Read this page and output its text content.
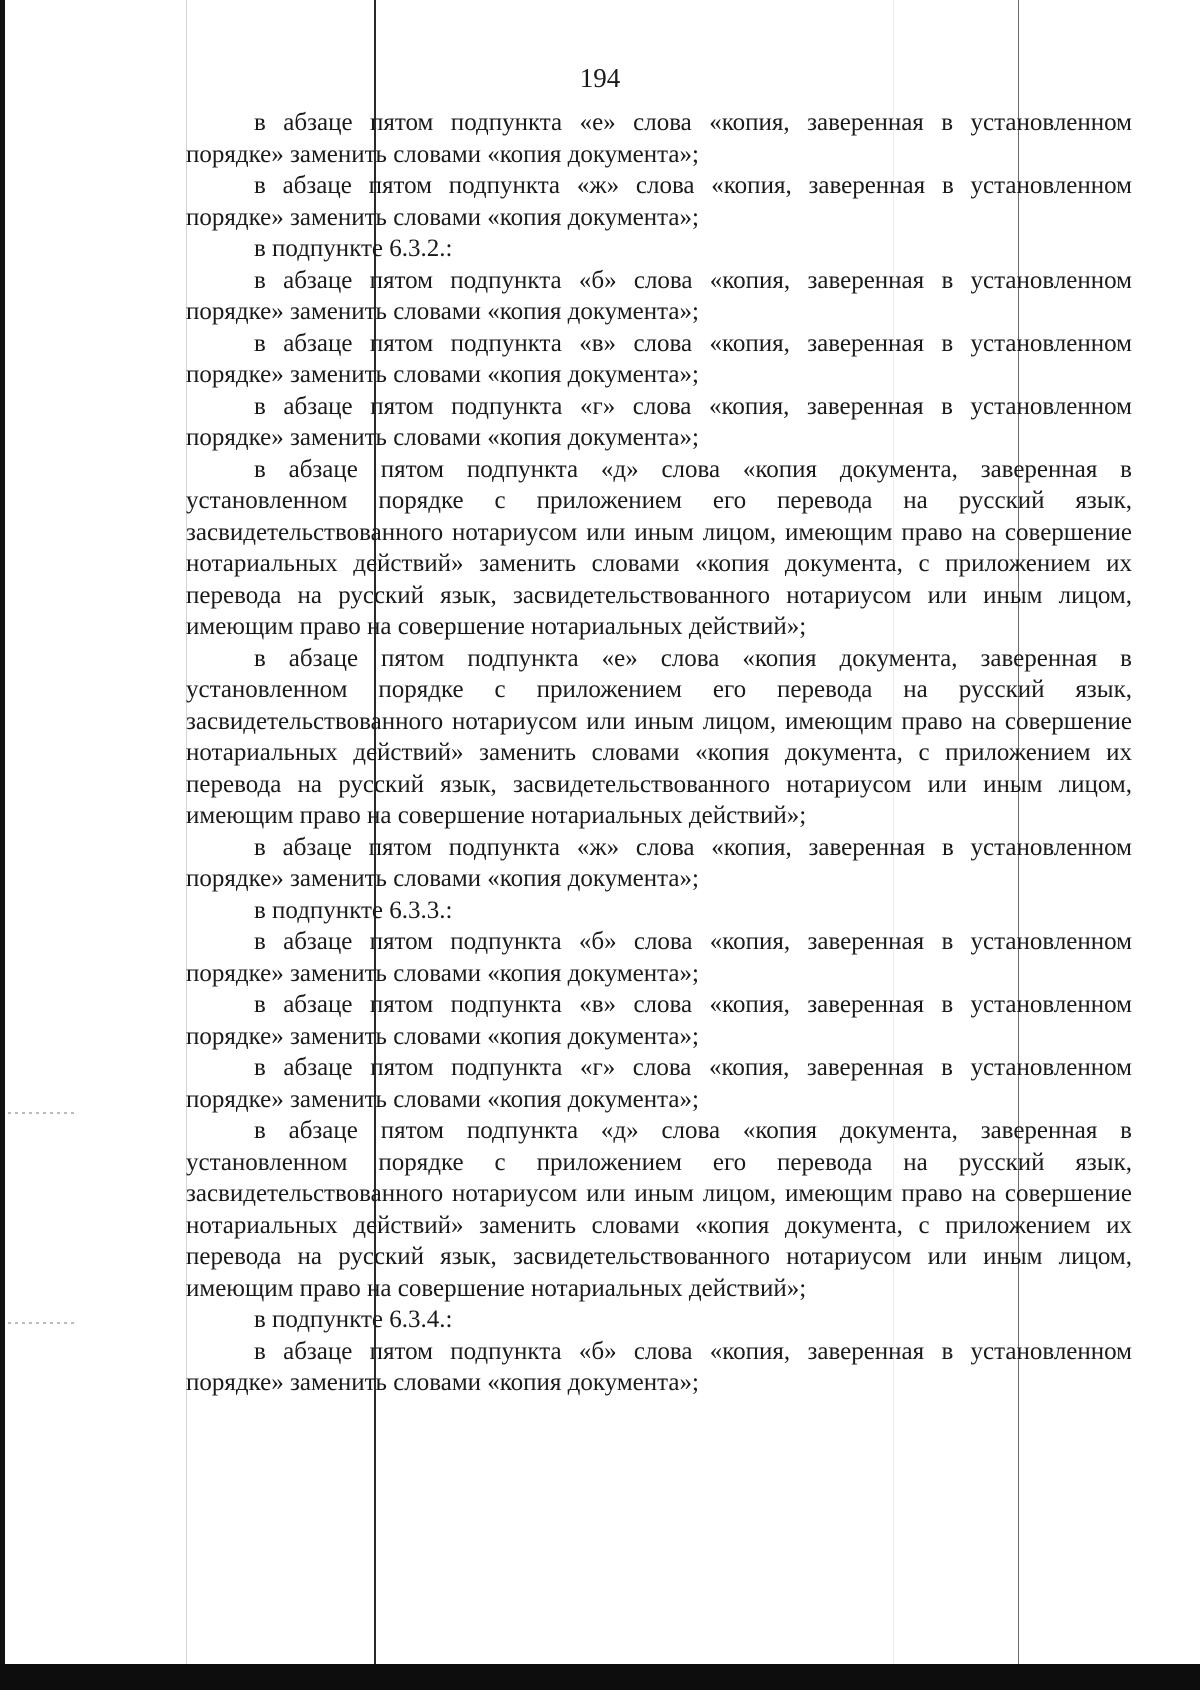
194

в абзаце пятом подпункта «е» слова «копия, заверенная в установленном порядке» заменить словами «копия документа»;

в абзаце пятом подпункта «ж» слова «копия, заверенная в установленном порядке» заменить словами «копия документа»;

в подпункте 6.3.2.:

в абзаце пятом подпункта «б» слова «копия, заверенная в установленном порядке» заменить словами «копия документа»;

в абзаце пятом подпункта «в» слова «копия, заверенная в установленном порядке» заменить словами «копия документа»;

в абзаце пятом подпункта «г» слова «копия, заверенная в установленном порядке» заменить словами «копия документа»;

в абзаце пятом подпункта «д» слова «копия документа, заверенная в установленном порядке с приложением его перевода на русский язык, засвидетельствованного нотариусом или иным лицом, имеющим право на совершение нотариальных действий» заменить словами «копия документа, с приложением их перевода на русский язык, засвидетельствованного нотариусом или иным лицом, имеющим право на совершение нотариальных действий»;

в абзаце пятом подпункта «е» слова «копия документа, заверенная в установленном порядке с приложением его перевода на русский язык, засвидетельствованного нотариусом или иным лицом, имеющим право на совершение нотариальных действий» заменить словами «копия документа, с приложением их перевода на русский язык, засвидетельствованного нотариусом или иным лицом, имеющим право на совершение нотариальных действий»;

в абзаце пятом подпункта «ж» слова «копия, заверенная в установленном порядке» заменить словами «копия документа»;

в подпункте 6.3.3.:

в абзаце пятом подпункта «б» слова «копия, заверенная в установленном порядке» заменить словами «копия документа»;

в абзаце пятом подпункта «в» слова «копия, заверенная в установленном порядке» заменить словами «копия документа»;

в абзаце пятом подпункта «г» слова «копия, заверенная в установленном порядке» заменить словами «копия документа»;

в абзаце пятом подпункта «д» слова «копия документа, заверенная в установленном порядке с приложением его перевода на русский язык, засвидетельствованного нотариусом или иным лицом, имеющим право на совершение нотариальных действий» заменить словами «копия документа, с приложением их перевода на русский язык, засвидетельствованного нотариусом или иным лицом, имеющим право на совершение нотариальных действий»;

в подпункте 6.3.4.:

в абзаце пятом подпункта «б» слова «копия, заверенная в установленном порядке» заменить словами «копия документа»;
